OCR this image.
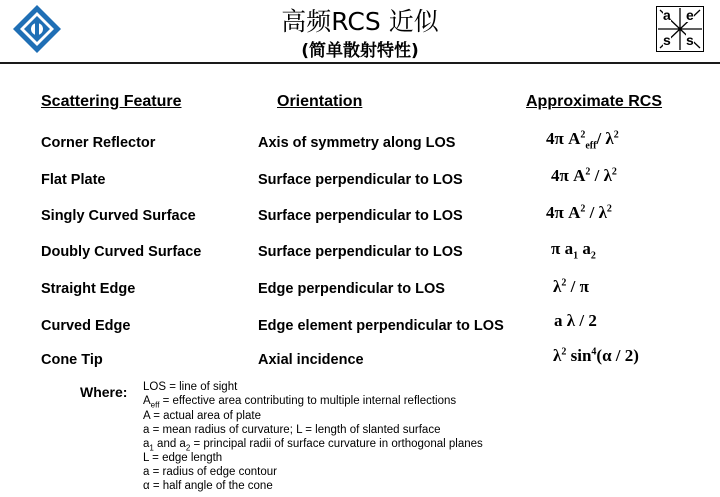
高频RCS 近似
(简单散射特性)
a e
s s
Scattering Feature	Orientation	Approximate RCS
Corner Reflector	Axis of symmetry along LOS	4π $A^2_{eff}/$ $\lambda^2$
Flat Plate	Surface perpendicular to LOS	4π $A^2 / \lambda^2$
Singly Curved Surface	Surface perpendicular to LOS	4π $A^2 / \lambda^2$
Doubly Curved Surface	Surface perpendicular to LOS	π $a_1$ $a_2$
Straight Edge	Edge perpendicular to LOS	$\lambda^2$ / π
Curved Edge	Edge element perpendicular to LOS	a λ / 2
Cone Tip	Axial incidence	$\lambda^2$ $\sin^4(\alpha / 2)$
Where: LOS = line of sight
$A_{eff}$ = effective area contributing to multiple internal reflections
A = actual area of plate
a = mean radius of curvature; L = length of slanted surface
$a_1$ and $a_2$ = principal radii of surface curvature in orthogonal planes
L = edge length
a = radius of edge contour
α = half angle of the cone
